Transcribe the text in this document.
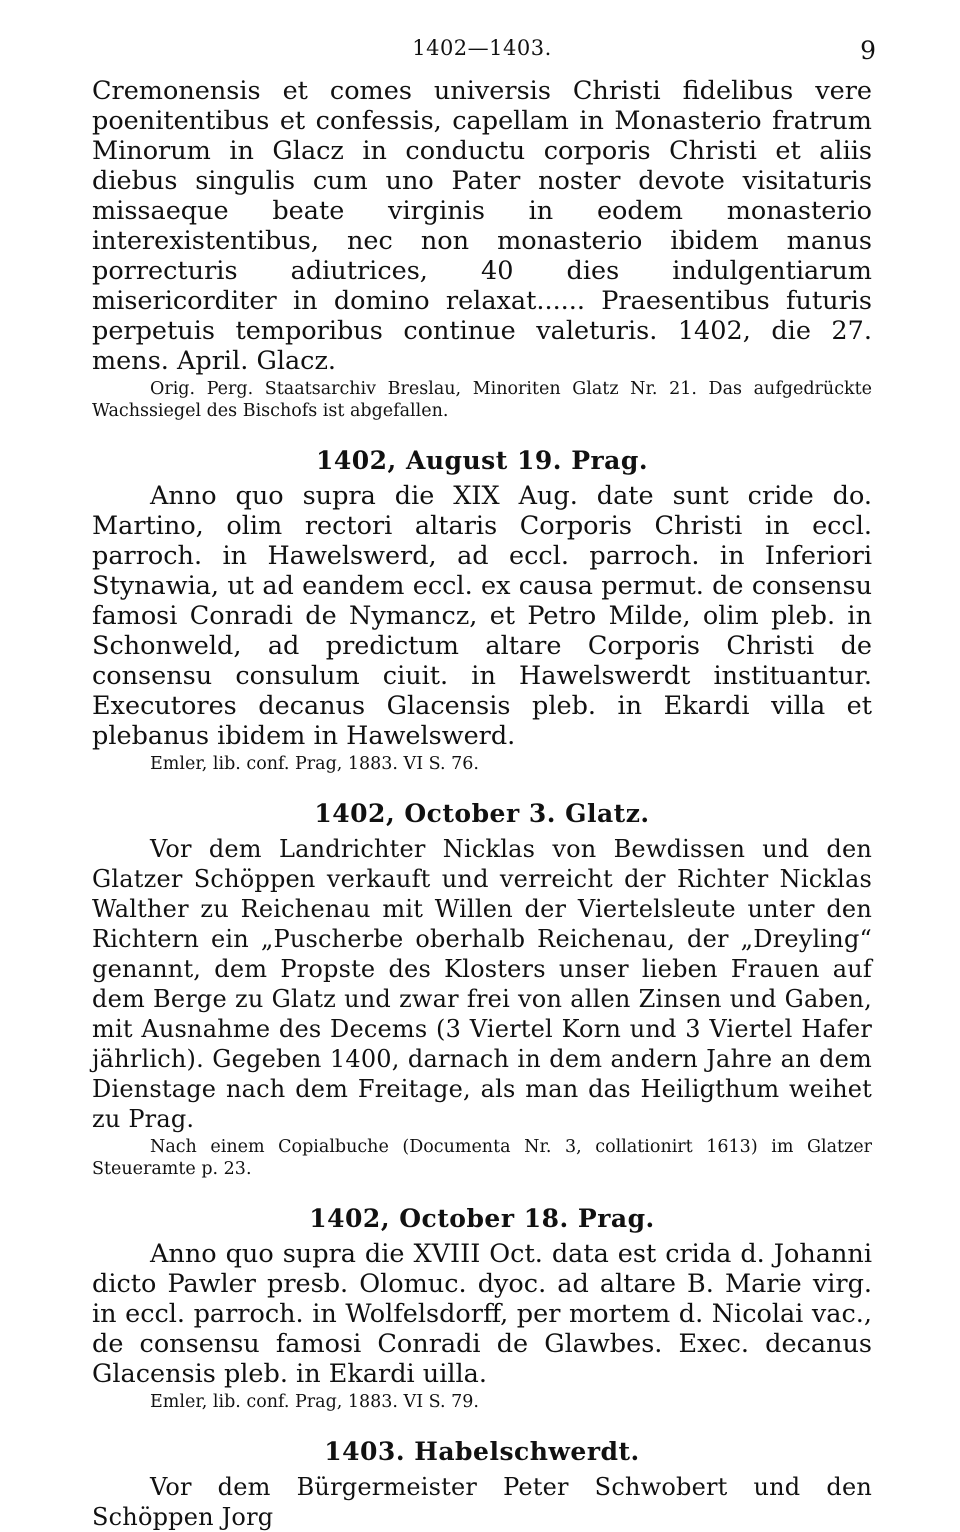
1402—1403.	9

Cremonensis et comes universis Christi fidelibus vere poenitentibus et confessis, capellam in Monasterio fratrum Minorum in Glacz in conductu corporis Christi et aliis diebus singulis cum uno Pater noster devote visitaturis missaeque beate virginis in eodem monasterio interexistentibus, nec non monasterio ibidem manus porrecturis adiutrices, 40 dies indulgentiarum misericorditer in domino relaxat...... Praesentibus futuris perpetuis temporibus continue valeturis. 1402, die 27. mens. April. Glacz.

Orig. Perg. Staatsarchiv Breslau, Minoriten Glatz Nr. 21. Das aufgedrückte Wachssiegel des Bischofs ist abgefallen.

1402, August 19. Prag.

Anno quo supra die XIX Aug. date sunt cride do. Martino, olim rectori altaris Corporis Christi in eccl. parroch. in Hawelswerd, ad eccl. parroch. in Inferiori Stynawia, ut ad eandem eccl. ex causa permut. de consensu famosi Conradi de Nymancz, et Petro Milde, olim pleb. in Schonweld, ad predictum altare Corporis Christi de consensu consulum ciuit. in Hawelswerdt instituantur. Executores decanus Glacensis pleb. in Ekardi villa et plebanus ibidem in Hawelswerd.

Emler, lib. conf. Prag, 1883. VI S. 76.

1402, October 3. Glatz.

Vor dem Landrichter Nicklas von Bewdissen und den Glatzer Schöppen verkauft und verreicht der Richter Nicklas Walther zu Reichenau mit Willen der Viertelsleute unter den Richtern ein „Puscherbe oberhalb Reichenau, der „Dreyling“ genannt, dem Propste des Klosters unser lieben Frauen auf dem Berge zu Glatz und zwar frei von allen Zinsen und Gaben, mit Ausnahme des Decems (3 Viertel Korn und 3 Viertel Hafer jährlich). Gegeben 1400, darnach in dem andern Jahre an dem Dienstage nach dem Freitage, als man das Heiligthum weihet zu Prag.

Nach einem Copialbuche (Documenta Nr. 3, collationirt 1613) im Glatzer Steueramte p. 23.

1402, October 18. Prag.

Anno quo supra die XVIII Oct. data est crida d. Johanni dicto Pawler presb. Olomuc. dyoc. ad altare B. Marie virg. in eccl. parroch. in Wolfelsdorff, per mortem d. Nicolai vac., de consensu famosi Conradi de Glawbes. Exec. decanus Glacensis pleb. in Ekardi uilla.

Emler, lib. conf. Prag, 1883. VI S. 79.

1403. Habelschwerdt.

Vor dem Bürgermeister Peter Schwobert und den Schöppen Jorg
